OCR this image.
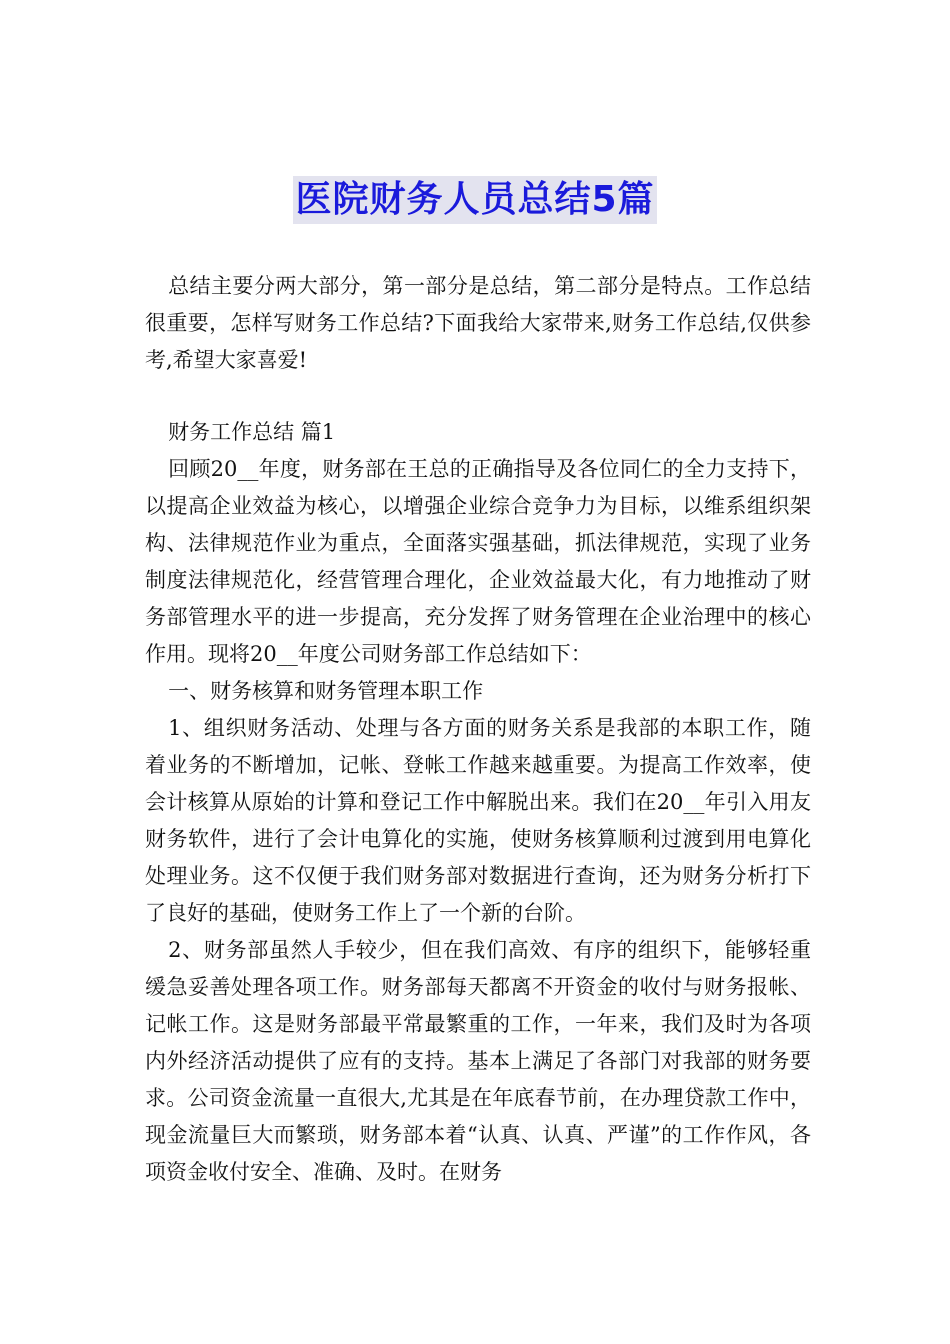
医院财务人员总结5篇

总结主要分两大部分，第一部分是总结，第二部分是特点。工作总结很重要，怎样写财务工作总结?下面我给大家带来,财务工作总结,仅供参考,希望大家喜爱!

财务工作总结 篇1

回顾20__年度，财务部在王总的正确指导及各位同仁的全力支持下，以提高企业效益为核心，以增强企业综合竞争力为目标，以维系组织架构、法律规范作业为重点，全面落实强基础，抓法律规范，实现了业务制度法律规范化，经营管理合理化，企业效益最大化，有力地推动了财务部管理水平的进一步提高，充分发挥了财务管理在企业治理中的核心作用。现将20__年度公司财务部工作总结如下：

一、财务核算和财务管理本职工作

1、组织财务活动、处理与各方面的财务关系是我部的本职工作，随着业务的不断增加，记帐、登帐工作越来越重要。为提高工作效率，使会计核算从原始的计算和登记工作中解脱出来。我们在20__年引入用友财务软件，进行了会计电算化的实施，使财务核算顺利过渡到用电算化处理业务。这不仅便于我们财务部对数据进行查询，还为财务分析打下了良好的基础，使财务工作上了一个新的台阶。

2、财务部虽然人手较少，但在我们高效、有序的组织下，能够轻重缓急妥善处理各项工作。财务部每天都离不开资金的收付与财务报帐、记帐工作。这是财务部最平常最繁重的工作，一年来，我们及时为各项内外经济活动提供了应有的支持。基本上满足了各部门对我部的财务要求。公司资金流量一直很大,尤其是在年底春节前，在办理贷款工作中，现金流量巨大而繁琐，财务部本着“认真、认真、严谨”的工作作风，各项资金收付安全、准确、及时。在财务
